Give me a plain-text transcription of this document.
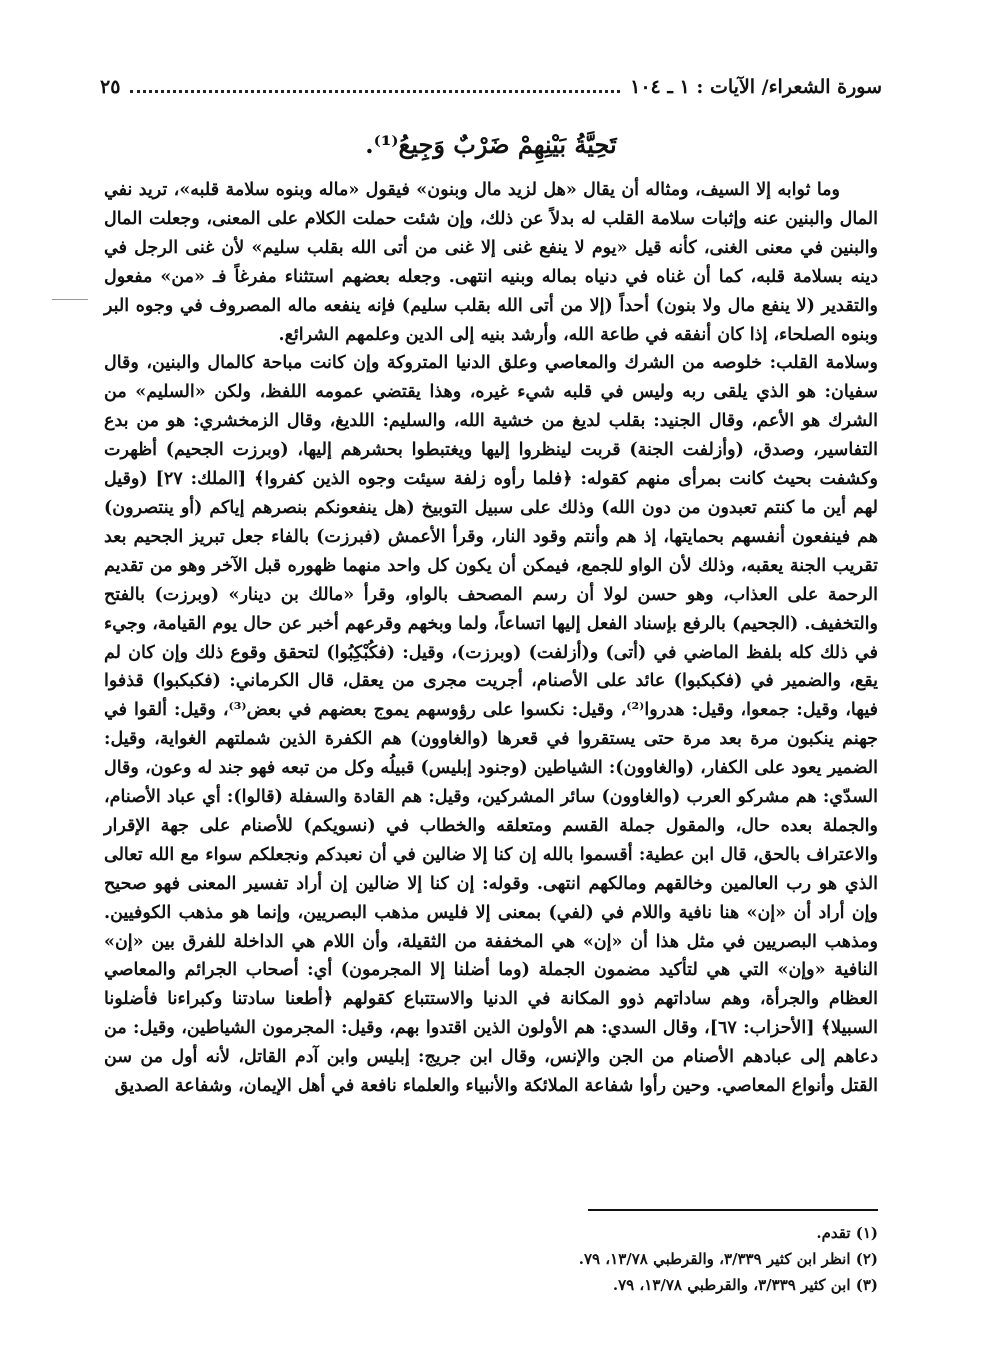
سورة الشعراء/ الآيات : ١ ـ ١٠٤
٢٥
تَحِيَّةُ بَيْنِهِمْ ضَرْبٌ وَجِيعُ⁽¹⁾.

وما ثوابه إلا السيف، ومثاله أن يقال «هل لزيد مال وبنون» فيقول «ماله وبنوه سلامة قلبه»، تريد نفي المال والبنين عنه وإثبات سلامة القلب له بدلاً عن ذلك، وإن شئت حملت الكلام على المعنى، وجعلت المال والبنين في معنى الغنى، كأنه قيل «يوم لا ينفع غنى إلا غنى من أتى الله بقلب سليم» لأن غنى الرجل في دينه بسلامة قلبه، كما أن غناه في دنياه بماله وبنيه انتهى. وجعله بعضهم استثناء مفرغاً فـ «من» مفعول والتقدير (لا ينفع مال ولا بنون) أحداً (إلا من أتى الله بقلب سليم) فإنه ينفعه ماله المصروف في وجوه البر وبنوه الصلحاء، إذا كان أنفقه في طاعة الله، وأرشد بنيه إلى الدين وعلمهم الشرائع.

وسلامة القلب: خلوصه من الشرك والمعاصي وعلق الدنيا المتروكة وإن كانت مباحة كالمال والبنين، وقال سفيان: هو الذي يلقى ربه وليس في قلبه شيء غيره، وهذا يقتضي عمومه اللفظ، ولكن «السليم» من الشرك هو الأعم، وقال الجنيد: بقلب لديغ من خشية الله، والسليم: اللديغ، وقال الزمخشري: هو من بدع التفاسير، وصدق، (وأزلفت الجنة) قربت لينظروا إليها ويغتبطوا بحشرهم إليها، (وبرزت الجحيم) أظهرت وكشفت بحيث كانت بمرأى منهم كقوله: ﴿فلما رأوه زلفة سيئت وجوه الذين كفروا﴾ [الملك: ٢٧] (وقيل لهم أين ما كنتم تعبدون من دون الله) وذلك على سبيل التوبيخ (هل ينفعونكم بنصرهم إياكم (أو ينتصرون) هم فينفعون أنفسهم بحمايتها، إذ هم وأنتم وقود النار، وقرأ الأعمش (فبرزت) بالفاء جعل تبريز الجحيم بعد تقريب الجنة يعقبه، وذلك لأن الواو للجمع، فيمكن أن يكون كل واحد منهما ظهوره قبل الآخر وهو من تقديم الرحمة على العذاب، وهو حسن لولا أن رسم المصحف بالواو، وقرأ «مالك بن دينار» (وبرزت) بالفتح والتخفيف. (الجحيم) بالرفع بإسناد الفعل إليها اتساعاً، ولما وبخهم وقرعهم أخبر عن حال يوم القيامة، وجيء في ذلك كله بلفظ الماضي في (أتى) و(أزلفت) (وبرزت)، وقيل: (فكُبْكِبُوا) لتحقق وقوع ذلك وإن كان لم يقع، والضمير في (فكبكبوا) عائد على الأصنام، أجريت مجرى من يعقل، قال الكرماني: (فكبكبوا) قذفوا فيها، وقيل: جمعوا، وقيل: هدروا⁽²⁾، وقيل: نكسوا على رؤوسهم يموج بعضهم في بعض⁽³⁾، وقيل: ألقوا في جهنم ينكبون مرة بعد مرة حتى يستقروا في قعرها (والغاوون) هم الكفرة الذين شملتهم الغواية، وقيل: الضمير يعود على الكفار، (والغاوون): الشياطين (وجنود إبليس) قبيلُه وكل من تبعه فهو جند له وعون، وقال السدّي: هم مشركو العرب (والغاوون) سائر المشركين، وقيل: هم القادة والسفلة (قالوا): أي عباد الأصنام، والجملة بعده حال، والمقول جملة القسم ومتعلقه والخطاب في (نسويكم) للأصنام على جهة الإقرار والاعتراف بالحق، قال ابن عطية: أقسموا بالله إن كنا إلا ضالين في أن نعبدكم ونجعلكم سواء مع الله تعالى الذي هو رب العالمين وخالقهم ومالكهم انتهى. وقوله: إن كنا إلا ضالين إن أراد تفسير المعنى فهو صحيح وإن أراد أن «إن» هنا نافية واللام في (لفي) بمعنى إلا فليس مذهب البصريين، وإنما هو مذهب الكوفيين. ومذهب البصريين في مثل هذا أن «إن» هي المخففة من الثقيلة، وأن اللام هي الداخلة للفرق بين «إن» النافية «وإن» التي هي لتأكيد مضمون الجملة (وما أضلنا إلا المجرمون) أي: أصحاب الجرائم والمعاصي العظام والجرأة، وهم ساداتهم ذوو المكانة في الدنيا والاستتباع كقولهم ﴿أطعنا سادتنا وكبراءنا فأضلونا السبيلا﴾ [الأحزاب: ٦٧]، وقال السدي: هم الأولون الذين اقتدوا بهم، وقيل: المجرمون الشياطين، وقيل: من دعاهم إلى عبادهم الأصنام من الجن والإنس، وقال ابن جريج: إبليس وابن آدم القاتل، لأنه أول من سن القتل وأنواع المعاصي. وحين رأوا شفاعة الملائكة والأنبياء والعلماء نافعة في أهل الإيمان، وشفاعة الصديق

(١) تقدم.
(٢) انظر ابن كثير ٣/٣٣٩، والقرطبي ١٣/٧٨، ٧٩.
(٣) ابن كثير ٣/٣٣٩، والقرطبي ١٣/٧٨، ٧٩.
